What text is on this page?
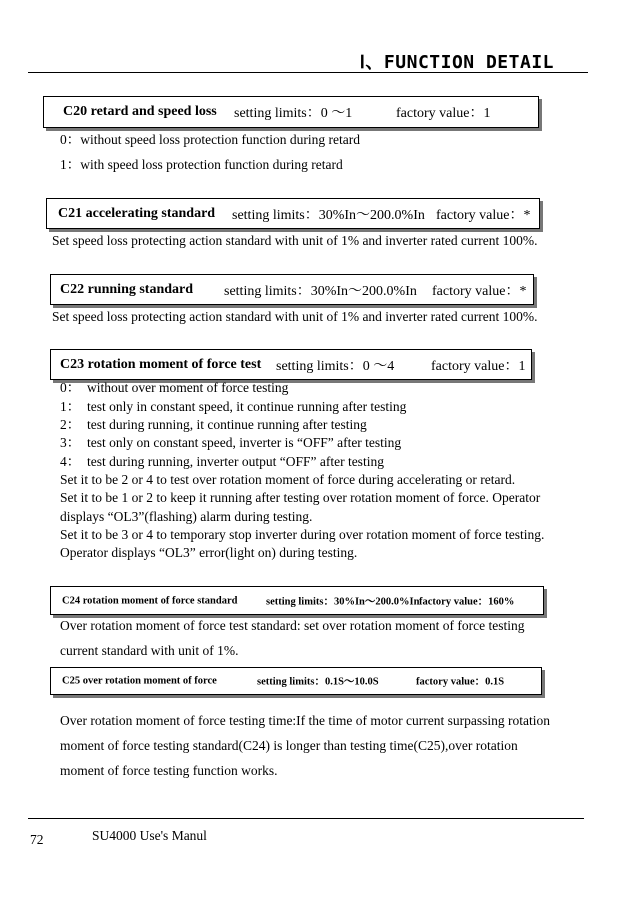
Ⅰ、FUNCTION DETAIL
C20 retard and speed loss setting limits：0 ～1	factory value：1
0：without speed loss protection function during retard
1：with speed loss protection function during retard
C21 accelerating standard setting limits：30%In～200.0%In factory value：*
Set speed loss protecting action standard with unit of 1% and inverter rated current 100%.
C22 running standard setting limits：30%In～200.0%In factory value：*
Set speed loss protecting action standard with unit of 1% and inverter rated current 100%.
C23 rotation moment of force test setting limits：0 ～4	factory value：1
0： without over moment of force testing
1： test only in constant speed, it continue running after testing
2： test during running, it continue running after testing
3： test only on constant speed, inverter is “OFF” after testing
4： test during running, inverter output “OFF” after testing
Set it to be 2 or 4 to test over rotation moment of force during accelerating or retard.
Set it to be 1 or 2 to keep it running after testing over rotation moment of force. Operator
displays “OL3”(flashing) alarm during testing.
Set it to be 3 or 4 to temporary stop inverter during over rotation moment of force testing.
Operator displays “OL3” error(light on) during testing.
C24 rotation moment of force standard	setting limits：30%In～200.0%In factory value：160%
Over rotation moment of force test standard: set over rotation moment of force testing
current standard with unit of 1%.
C25 over rotation moment of force	setting limits：0.1S～10.0S	factory value：0.1S
Over rotation moment of force testing time:If the time of motor current surpassing rotation
moment of force testing standard(C24) is longer than testing time(C25),over rotation
moment of force testing function works.
72	SU4000 Use's Manul
